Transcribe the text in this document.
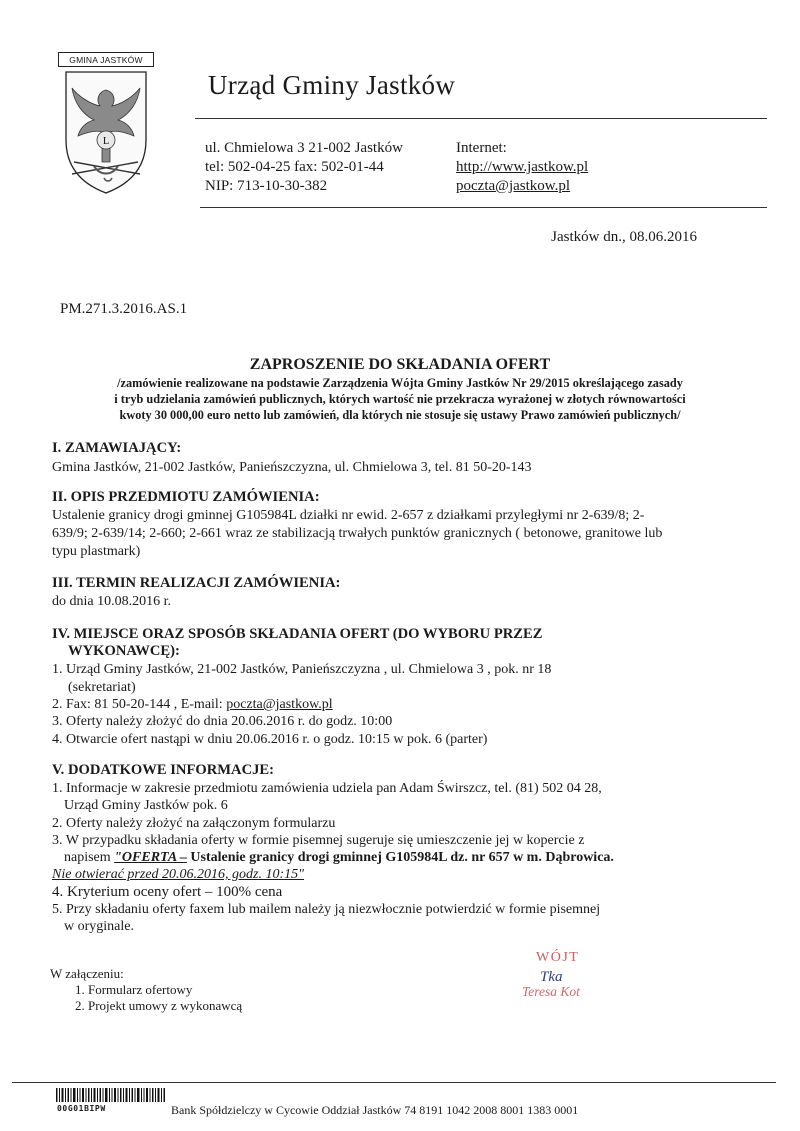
GMINA JASTKÓW
L
Urząd Gminy Jastków
ul. Chmielowa 3 21-002 Jastków
tel: 502-04-25 fax: 502-01-44
NIP: 713-10-30-382
Internet:
http://www.jastkow.pl
poczta@jastkow.pl
Jastków dn., 08.06.2016
PM.271.3.2016.AS.1
ZAPROSZENIE DO SKŁADANIA OFERT
/zamówienie realizowane na podstawie Zarządzenia Wójta Gminy Jastków Nr 29/2015 określającego zasady
i tryb udzielania zamówień publicznych, których wartość nie przekracza wyrażonej w złotych równowartości
kwoty 30 000,00 euro netto lub zamówień, dla których nie stosuje się ustawy Prawo zamówień publicznych/
I. ZAMAWIAJĄCY:
Gmina Jastków, 21-002 Jastków, Panieńszczyzna, ul. Chmielowa 3, tel. 81 50-20-143
II. OPIS PRZEDMIOTU ZAMÓWIENIA:
Ustalenie granicy drogi gminnej G105984L działki nr ewid. 2-657 z działkami przyległymi nr 2-639/8; 2-
639/9; 2-639/14; 2-660; 2-661 wraz ze stabilizacją trwałych punktów granicznych ( betonowe, granitowe lub
typu plastmark)
III. TERMIN REALIZACJI ZAMÓWIENIA:
do dnia 10.08.2016 r.
IV. MIEJSCE ORAZ SPOSÓB SKŁADANIA OFERT (DO WYBORU PRZEZ
WYKONAWCĘ):
1. Urząd Gminy Jastków, 21-002 Jastków, Panieńszczyzna , ul. Chmielowa 3 , pok. nr 18
(sekretariat)
2. Fax: 81 50-20-144 , E-mail: poczta@jastkow.pl
3. Oferty należy złożyć do dnia 20.06.2016 r. do godz. 10:00
4. Otwarcie ofert nastąpi w dniu 20.06.2016 r. o godz. 10:15 w pok. 6 (parter)
V. DODATKOWE INFORMACJE:
1. Informacje w zakresie przedmiotu zamówienia udziela pan Adam Świrszcz, tel. (81) 502 04 28,
Urząd Gminy Jastków pok. 6
2. Oferty należy złożyć na załączonym formularzu
3. W przypadku składania oferty w formie pisemnej sugeruje się umieszczenie jej w kopercie z
napisem "OFERTA – Ustalenie granicy drogi gminnej G105984L dz. nr 657 w m. Dąbrowica.
Nie otwierać przed 20.06.2016, godz. 10:15"
4. Kryterium oceny ofert – 100% cena
5. Przy składaniu oferty faxem lub mailem należy ją niezwłocznie potwierdzić w formie pisemnej
w oryginale.
WÓJT
Tka
Teresa Kot
W załączeniu:
1. Formularz ofertowy
2. Projekt umowy z wykonawcą
00G01BIPW	Bank Spółdzielczy w Cycowie Oddział Jastków 74 8191 1042 2008 8001 1383 0001
